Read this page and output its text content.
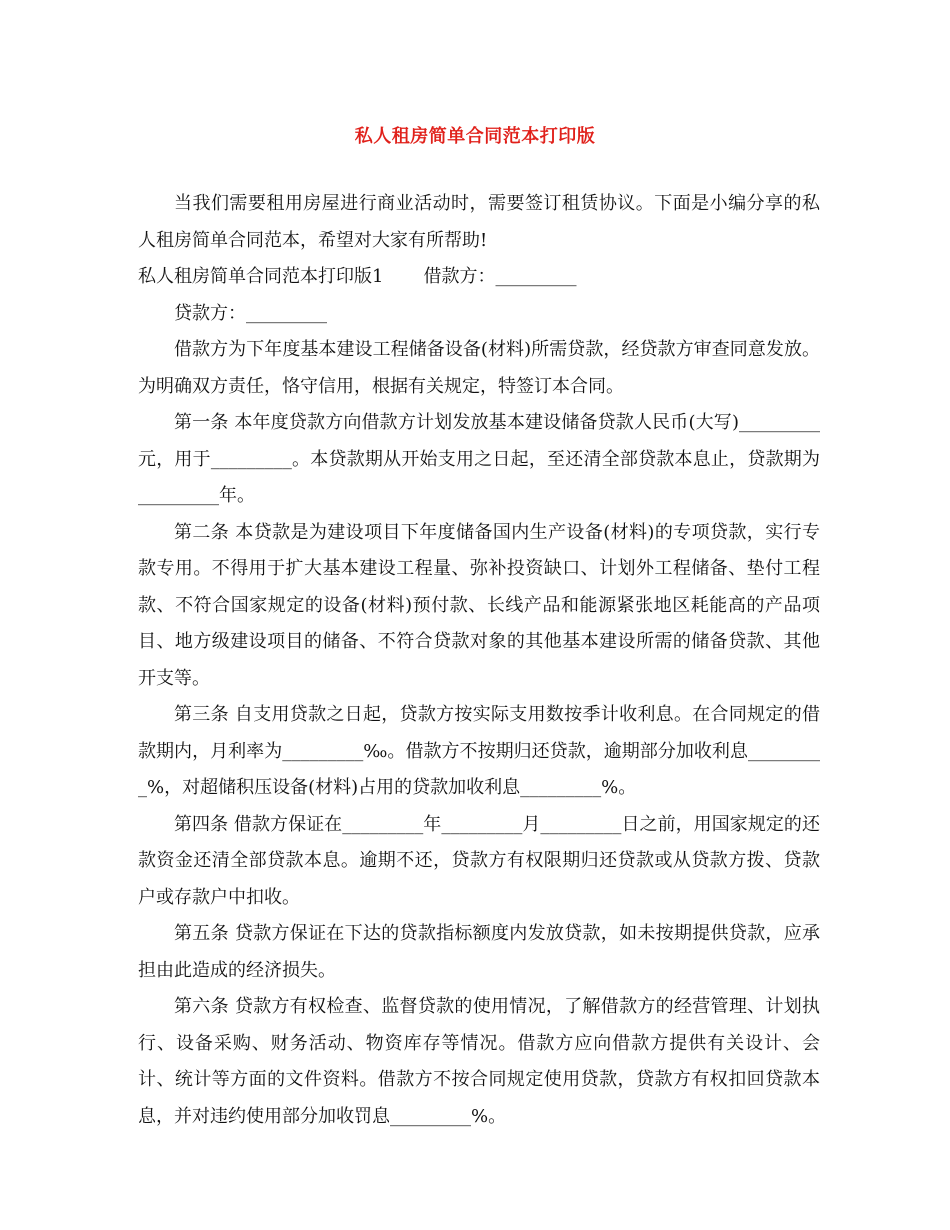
私人租房简单合同范本打印版

当我们需要租用房屋进行商业活动时，需要签订租赁协议。下面是小编分享的私人租房简单合同范本，希望对大家有所帮助!

私人租房简单合同范本打印版1 借款方：_________

贷款方：_________

借款方为下年度基本建设工程储备设备(材料)所需贷款，经贷款方审查同意发放。为明确双方责任，恪守信用，根据有关规定，特签订本合同。

第一条 本年度贷款方向借款方计划发放基本建设储备贷款人民币(大写)_________元，用于_________。本贷款期从开始支用之日起，至还清全部贷款本息止，贷款期为_________年。

第二条 本贷款是为建设项目下年度储备国内生产设备(材料)的专项贷款，实行专款专用。不得用于扩大基本建设工程量、弥补投资缺口、计划外工程储备、垫付工程款、不符合国家规定的设备(材料)预付款、长线产品和能源紧张地区耗能高的产品项目、地方级建设项目的储备、不符合贷款对象的其他基本建设所需的储备贷款、其他开支等。

第三条 自支用贷款之日起，贷款方按实际支用数按季计收利息。在合同规定的借款期内，月利率为_________‰。借款方不按期归还贷款，逾期部分加收利息_________%，对超储积压设备(材料)占用的贷款加收利息_________%。

第四条 借款方保证在_________年_________月_________日之前，用国家规定的还款资金还清全部贷款本息。逾期不还，贷款方有权限期归还贷款或从贷款方拨、贷款户或存款户中扣收。

第五条 贷款方保证在下达的贷款指标额度内发放贷款，如未按期提供贷款，应承担由此造成的经济损失。

第六条 贷款方有权检查、监督贷款的使用情况，了解借款方的经营管理、计划执行、设备采购、财务活动、物资库存等情况。借款方应向借款方提供有关设计、会计、统计等方面的文件资料。借款方不按合同规定使用贷款，贷款方有权扣回贷款本息，并对违约使用部分加收罚息_________%。
